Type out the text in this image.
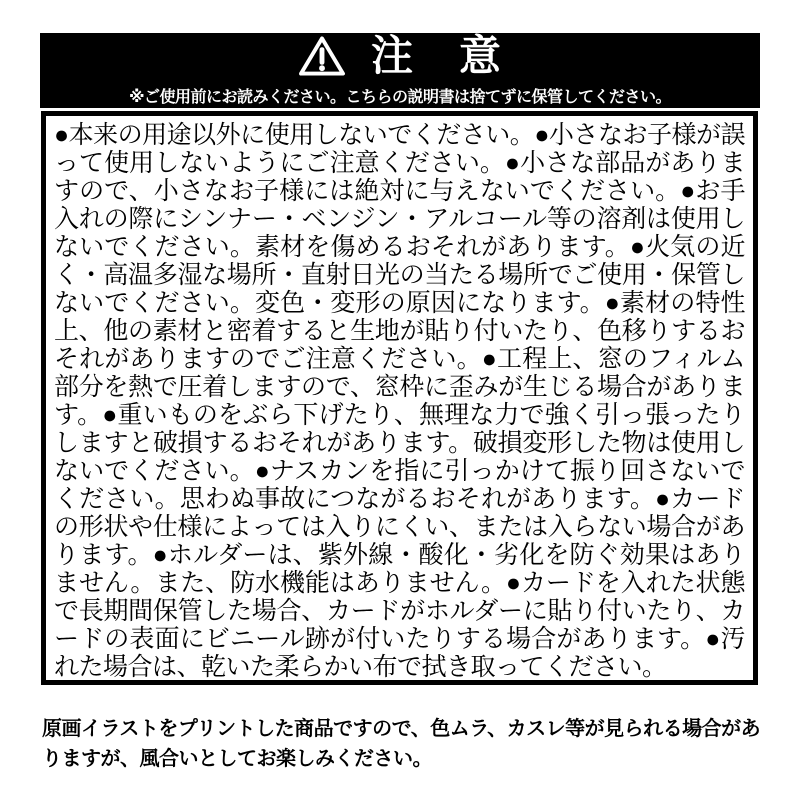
注　意
※ご使用前にお読みください。こちらの説明書は捨てずに保管してください。

●本来の用途以外に使用しないでください。●小さなお子様が誤って使用しないようにご注意ください。●小さな部品がありますので、小さなお子様には絶対に与えないでください。●お手入れの際にシンナー・ベンジン・アルコール等の溶剤は使用しないでください。素材を傷めるおそれがあります。●火気の近く・高温多湿な場所・直射日光の当たる場所でご使用・保管しないでください。変色・変形の原因になります。●素材の特性上、他の素材と密着すると生地が貼り付いたり、色移りするおそれがありますのでご注意ください。●工程上、窓のフィルム部分を熱で圧着しますので、窓枠に歪みが生じる場合があります。●重いものをぶら下げたり、無理な力で強く引っ張ったりしますと破損するおそれがあります。破損変形した物は使用しないでください。●ナスカンを指に引っかけて振り回さないでください。思わぬ事故につながるおそれがあります。●カードの形状や仕様によっては入りにくい、または入らない場合があります。●ホルダーは、紫外線・酸化・劣化を防ぐ効果はありません。また、防水機能はありません。●カードを入れた状態で長期間保管した場合、カードがホルダーに貼り付いたり、カードの表面にビニール跡が付いたりする場合があります。●汚れた場合は、乾いた柔らかい布で拭き取ってください。

原画イラストをプリントした商品ですので、色ムラ、カスレ等が見られる場合がありますが、風合いとしてお楽しみください。
